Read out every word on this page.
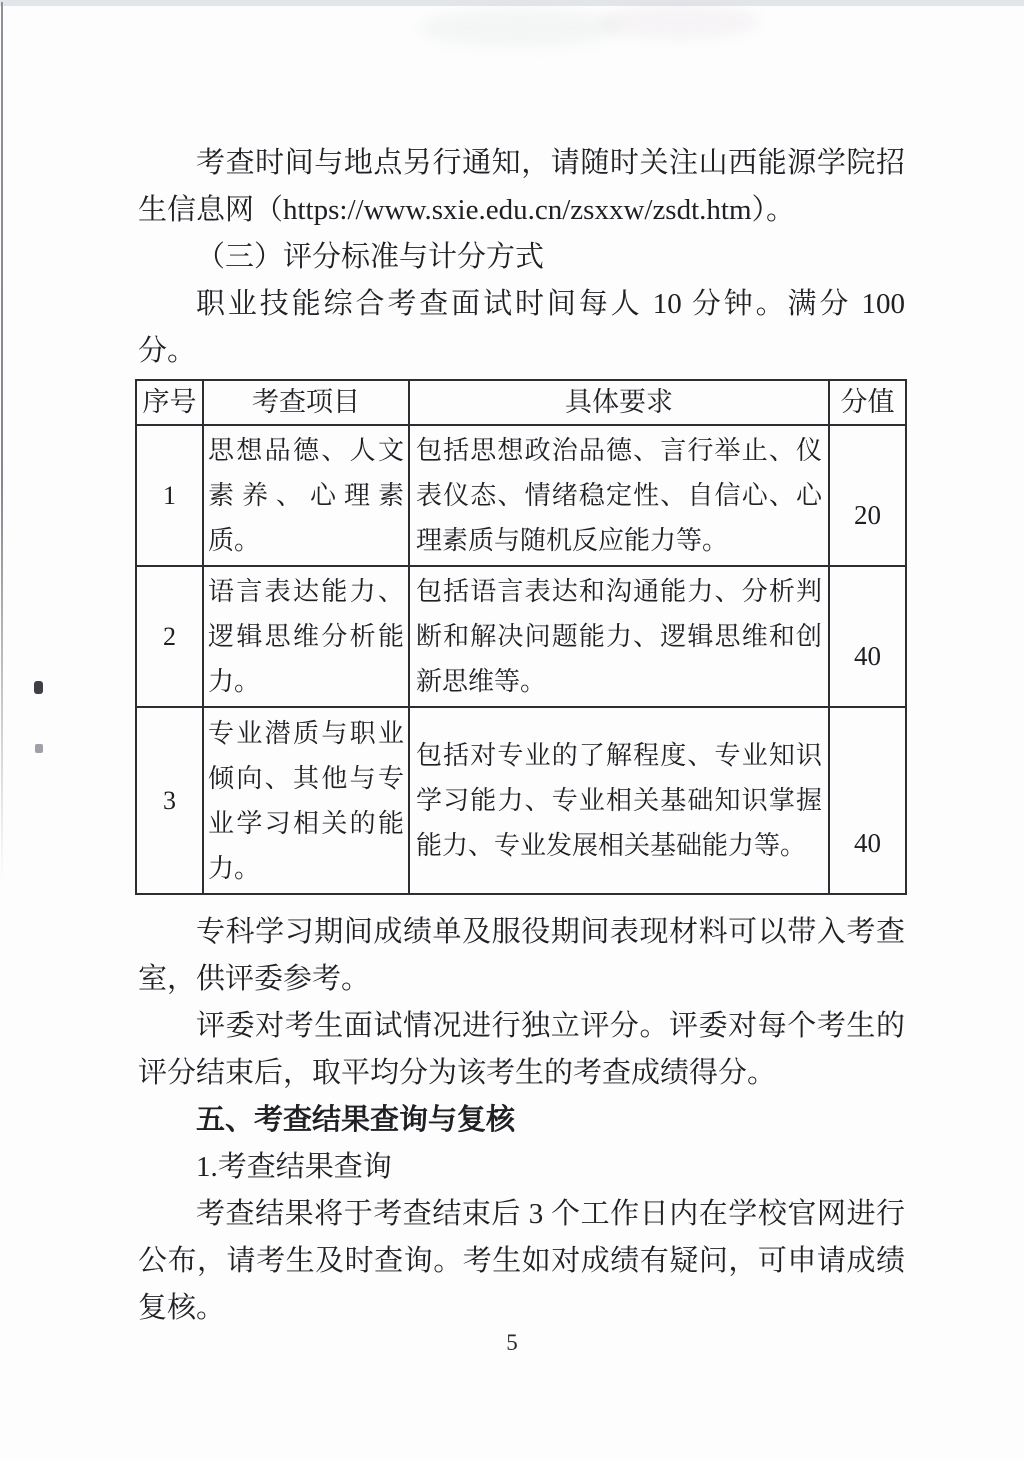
考查时间与地点另行通知，请随时关注山西能源学院招生信息网（https://www.sxie.edu.cn/zsxxw/zsdt.htm）。

（三）评分标准与计分方式

职业技能综合考查面试时间每人 10 分钟。满分 100 分。

序号	考查项目	具体要求	分值
1	思想品德、人文素养、心理素质。	包括思想政治品德、言行举止、仪表仪态、情绪稳定性、自信心、心理素质与随机反应能力等。	20
2	语言表达能力、逻辑思维分析能力。	包括语言表达和沟通能力、分析判断和解决问题能力、逻辑思维和创新思维等。	40
3	专业潜质与职业倾向、其他与专业学习相关的能力。	包括对专业的了解程度、专业知识学习能力、专业相关基础知识掌握能力、专业发展相关基础能力等。	40

专科学习期间成绩单及服役期间表现材料可以带入考查室，供评委参考。

评委对考生面试情况进行独立评分。评委对每个考生的评分结束后，取平均分为该考生的考查成绩得分。

五、考查结果查询与复核

1.考查结果查询

考查结果将于考查结束后 3 个工作日内在学校官网进行公布，请考生及时查询。考生如对成绩有疑问，可申请成绩复核。

5
